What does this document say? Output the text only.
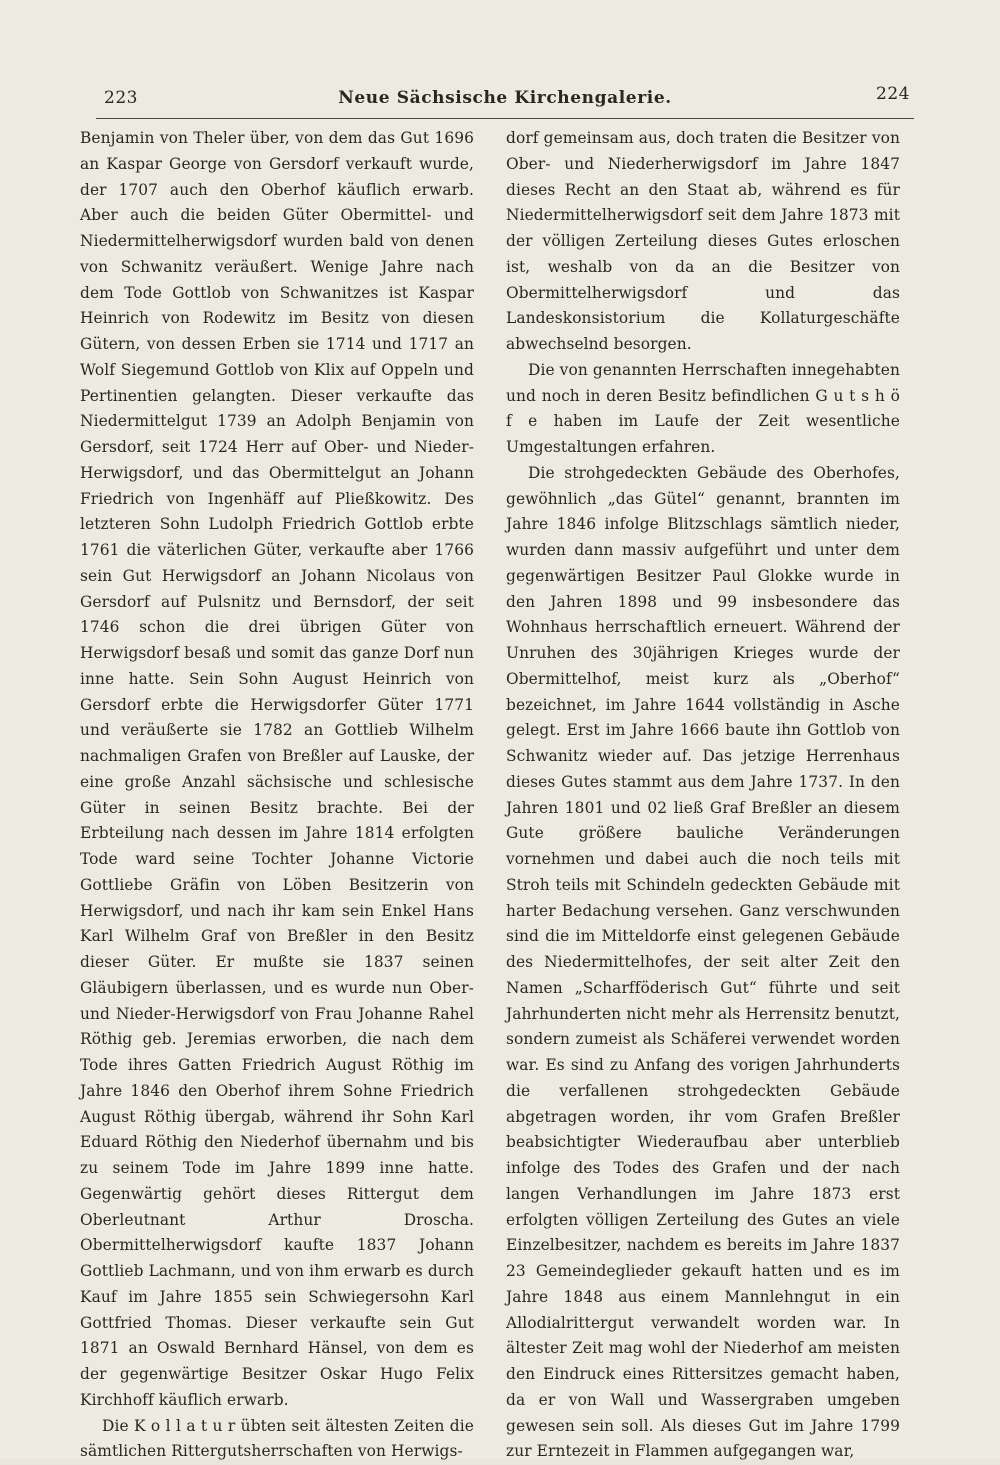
223	Neue Sächsische Kirchengalerie.	224

Benjamin von Theler über, von dem das Gut 1696 an Kaspar George von Gersdorf verkauft wurde, der 1707 auch den Oberhof käuflich erwarb. Aber auch die beiden Güter Obermittel- und Niedermittelherwigsdorf wurden bald von denen von Schwanitz veräußert. Wenige Jahre nach dem Tode Gottlob von Schwanitzes ist Kaspar Heinrich von Rodewitz im Besitz von diesen Gütern, von dessen Erben sie 1714 und 1717 an Wolf Siegemund Gottlob von Klix auf Oppeln und Pertinentien gelangten. Dieser verkaufte das Niedermittelgut 1739 an Adolph Benjamin von Gersdorf, seit 1724 Herr auf Ober- und Nieder-Herwigsdorf, und das Obermittelgut an Johann Friedrich von Ingenhäff auf Pließkowitz. Des letzteren Sohn Ludolph Friedrich Gottlob erbte 1761 die väterlichen Güter, verkaufte aber 1766 sein Gut Herwigsdorf an Johann Nicolaus von Gersdorf auf Pulsnitz und Bernsdorf, der seit 1746 schon die drei übrigen Güter von Herwigsdorf besaß und somit das ganze Dorf nun inne hatte. Sein Sohn August Heinrich von Gersdorf erbte die Herwigsdorfer Güter 1771 und veräußerte sie 1782 an Gottlieb Wilhelm nachmaligen Grafen von Breßler auf Lauske, der eine große Anzahl sächsische und schlesische Güter in seinen Besitz brachte. Bei der Erbteilung nach dessen im Jahre 1814 erfolgten Tode ward seine Tochter Johanne Victorie Gottliebe Gräfin von Löben Besitzerin von Herwigsdorf, und nach ihr kam sein Enkel Hans Karl Wilhelm Graf von Breßler in den Besitz dieser Güter. Er mußte sie 1837 seinen Gläubigern überlassen, und es wurde nun Ober- und Nieder-Herwigsdorf von Frau Johanne Rahel Röthig geb. Jeremias erworben, die nach dem Tode ihres Gatten Friedrich August Röthig im Jahre 1846 den Oberhof ihrem Sohne Friedrich August Röthig übergab, während ihr Sohn Karl Eduard Röthig den Niederhof übernahm und bis zu seinem Tode im Jahre 1899 inne hatte. Gegenwärtig gehört dieses Rittergut dem Oberleutnant Arthur Droscha. Obermittelherwigsdorf kaufte 1837 Johann Gottlieb Lachmann, und von ihm erwarb es durch Kauf im Jahre 1855 sein Schwiegersohn Karl Gottfried Thomas. Dieser verkaufte sein Gut 1871 an Oswald Bernhard Hänsel, von dem es der gegenwärtige Besitzer Oskar Hugo Felix Kirchhoff käuflich erwarb.

Die K o l l a t u r übten seit ältesten Zeiten die sämtlichen Rittergutsherrschaften von Herwigs-

dorf gemeinsam aus, doch traten die Besitzer von Ober- und Niederherwigsdorf im Jahre 1847 dieses Recht an den Staat ab, während es für Niedermittelherwigsdorf seit dem Jahre 1873 mit der völligen Zerteilung dieses Gutes erloschen ist, weshalb von da an die Besitzer von Obermittelherwigsdorf und das Landeskonsistorium die Kollaturgeschäfte abwechselnd besorgen.

Die von genannten Herrschaften innegehabten und noch in deren Besitz befindlichen G u t s h ö f e haben im Laufe der Zeit wesentliche Umgestaltungen erfahren.

Die strohgedeckten Gebäude des Oberhofes, gewöhnlich „das Gütel“ genannt, brannten im Jahre 1846 infolge Blitzschlags sämtlich nieder, wurden dann massiv aufgeführt und unter dem gegenwärtigen Besitzer Paul Glokke wurde in den Jahren 1898 und 99 insbesondere das Wohnhaus herrschaftlich erneuert. Während der Unruhen des 30jährigen Krieges wurde der Obermittelhof, meist kurz als „Oberhof“ bezeichnet, im Jahre 1644 vollständig in Asche gelegt. Erst im Jahre 1666 baute ihn Gottlob von Schwanitz wieder auf. Das jetzige Herrenhaus dieses Gutes stammt aus dem Jahre 1737. In den Jahren 1801 und 02 ließ Graf Breßler an diesem Gute größere bauliche Veränderungen vornehmen und dabei auch die noch teils mit Stroh teils mit Schindeln gedeckten Gebäude mit harter Bedachung versehen. Ganz verschwunden sind die im Mitteldorfe einst gelegenen Gebäude des Niedermittelhofes, der seit alter Zeit den Namen „Scharfföderisch Gut“ führte und seit Jahrhunderten nicht mehr als Herrensitz benutzt, sondern zumeist als Schäferei verwendet worden war. Es sind zu Anfang des vorigen Jahrhunderts die verfallenen strohgedeckten Gebäude abgetragen worden, ihr vom Grafen Breßler beabsichtigter Wiederaufbau aber unterblieb infolge des Todes des Grafen und der nach langen Verhandlungen im Jahre 1873 erst erfolgten völligen Zerteilung des Gutes an viele Einzelbesitzer, nachdem es bereits im Jahre 1837 23 Gemeindeglieder gekauft hatten und es im Jahre 1848 aus einem Mannlehngut in ein Allodialrittergut verwandelt worden war. In ältester Zeit mag wohl der Niederhof am meisten den Eindruck eines Rittersitzes gemacht haben, da er von Wall und Wassergraben umgeben gewesen sein soll. Als dieses Gut im Jahre 1799 zur Erntezeit in Flammen aufgegangen war,
